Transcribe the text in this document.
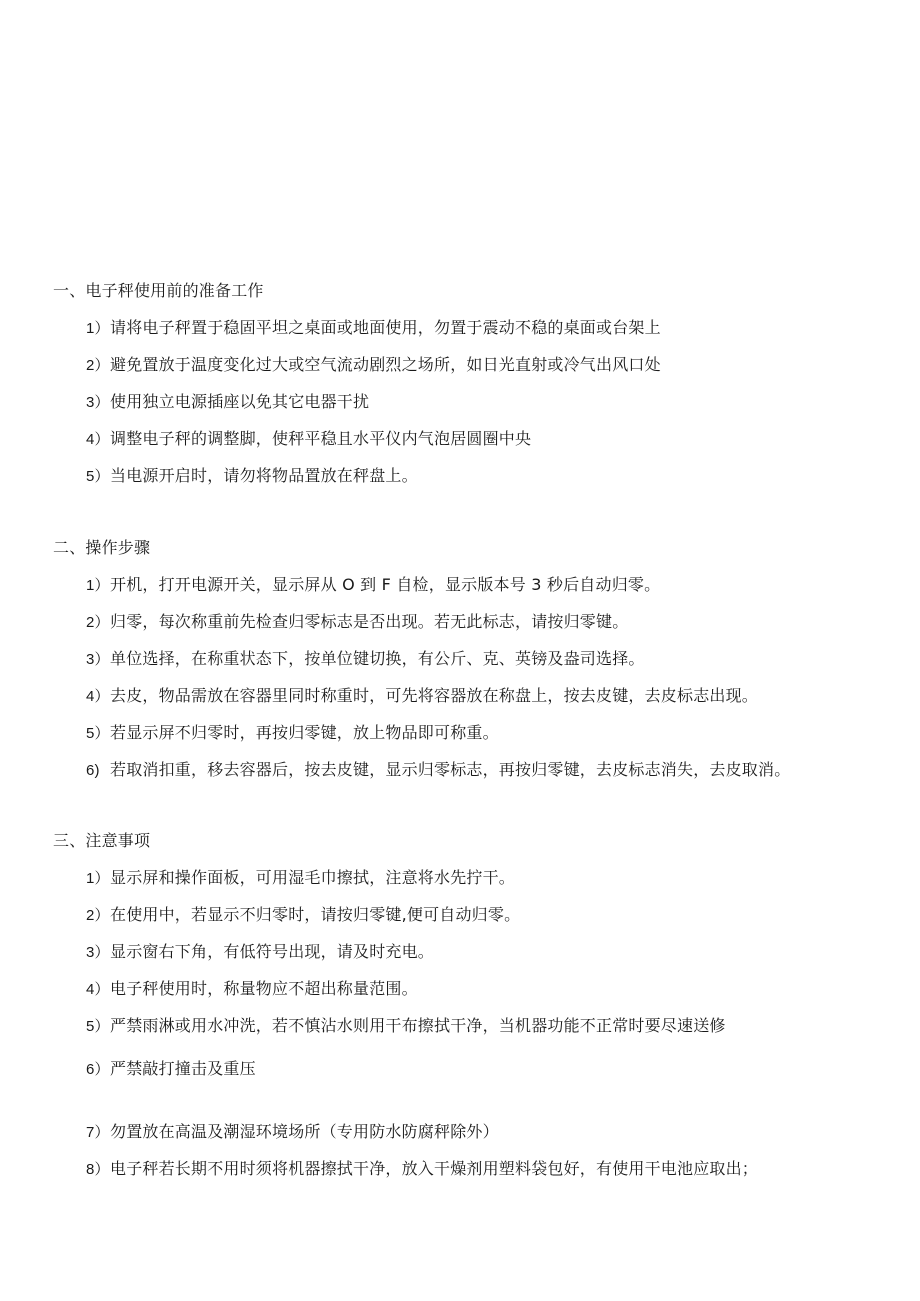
一、电子秤使用前的准备工作
1）请将电子秤置于稳固平坦之桌面或地面使用，勿置于震动不稳的桌面或台架上
2）避免置放于温度变化过大或空气流动剧烈之场所，如日光直射或冷气出风口处
3）使用独立电源插座以免其它电器干扰
4）调整电子秤的调整脚，使秤平稳且水平仪内气泡居圆圈中央
5）当电源开启时，请勿将物品置放在秤盘上。
二、操作步骤
1）开机，打开电源开关，显示屏从 O 到 F 自检，显示版本号 3 秒后自动归零。
2）归零，每次称重前先检查归零标志是否出现。若无此标志，请按归零键。
3）单位选择，在称重状态下，按单位键切换，有公斤、克、英镑及盎司选择。
4）去皮，物品需放在容器里同时称重时，可先将容器放在称盘上，按去皮键，去皮标志出现。
5）若显示屏不归零时，再按归零键，放上物品即可称重。
6) 若取消扣重，移去容器后，按去皮键，显示归零标志，再按归零键，去皮标志消失，去皮取消。
三、注意事项
1）显示屏和操作面板，可用湿毛巾擦拭，注意将水先拧干。
2）在使用中，若显示不归零时，请按归零键,便可自动归零。
3）显示窗右下角，有低符号出现，请及时充电。
4）电子秤使用时，称量物应不超出称量范围。
5）严禁雨淋或用水冲洗，若不慎沾水则用干布擦拭干净，当机器功能不正常时要尽速送修
6）严禁敲打撞击及重压
7）勿置放在高温及潮湿环境场所（专用防水防腐秤除外）
8）电子秤若长期不用时须将机器擦拭干净，放入干燥剂用塑料袋包好，有使用干电池应取出；
